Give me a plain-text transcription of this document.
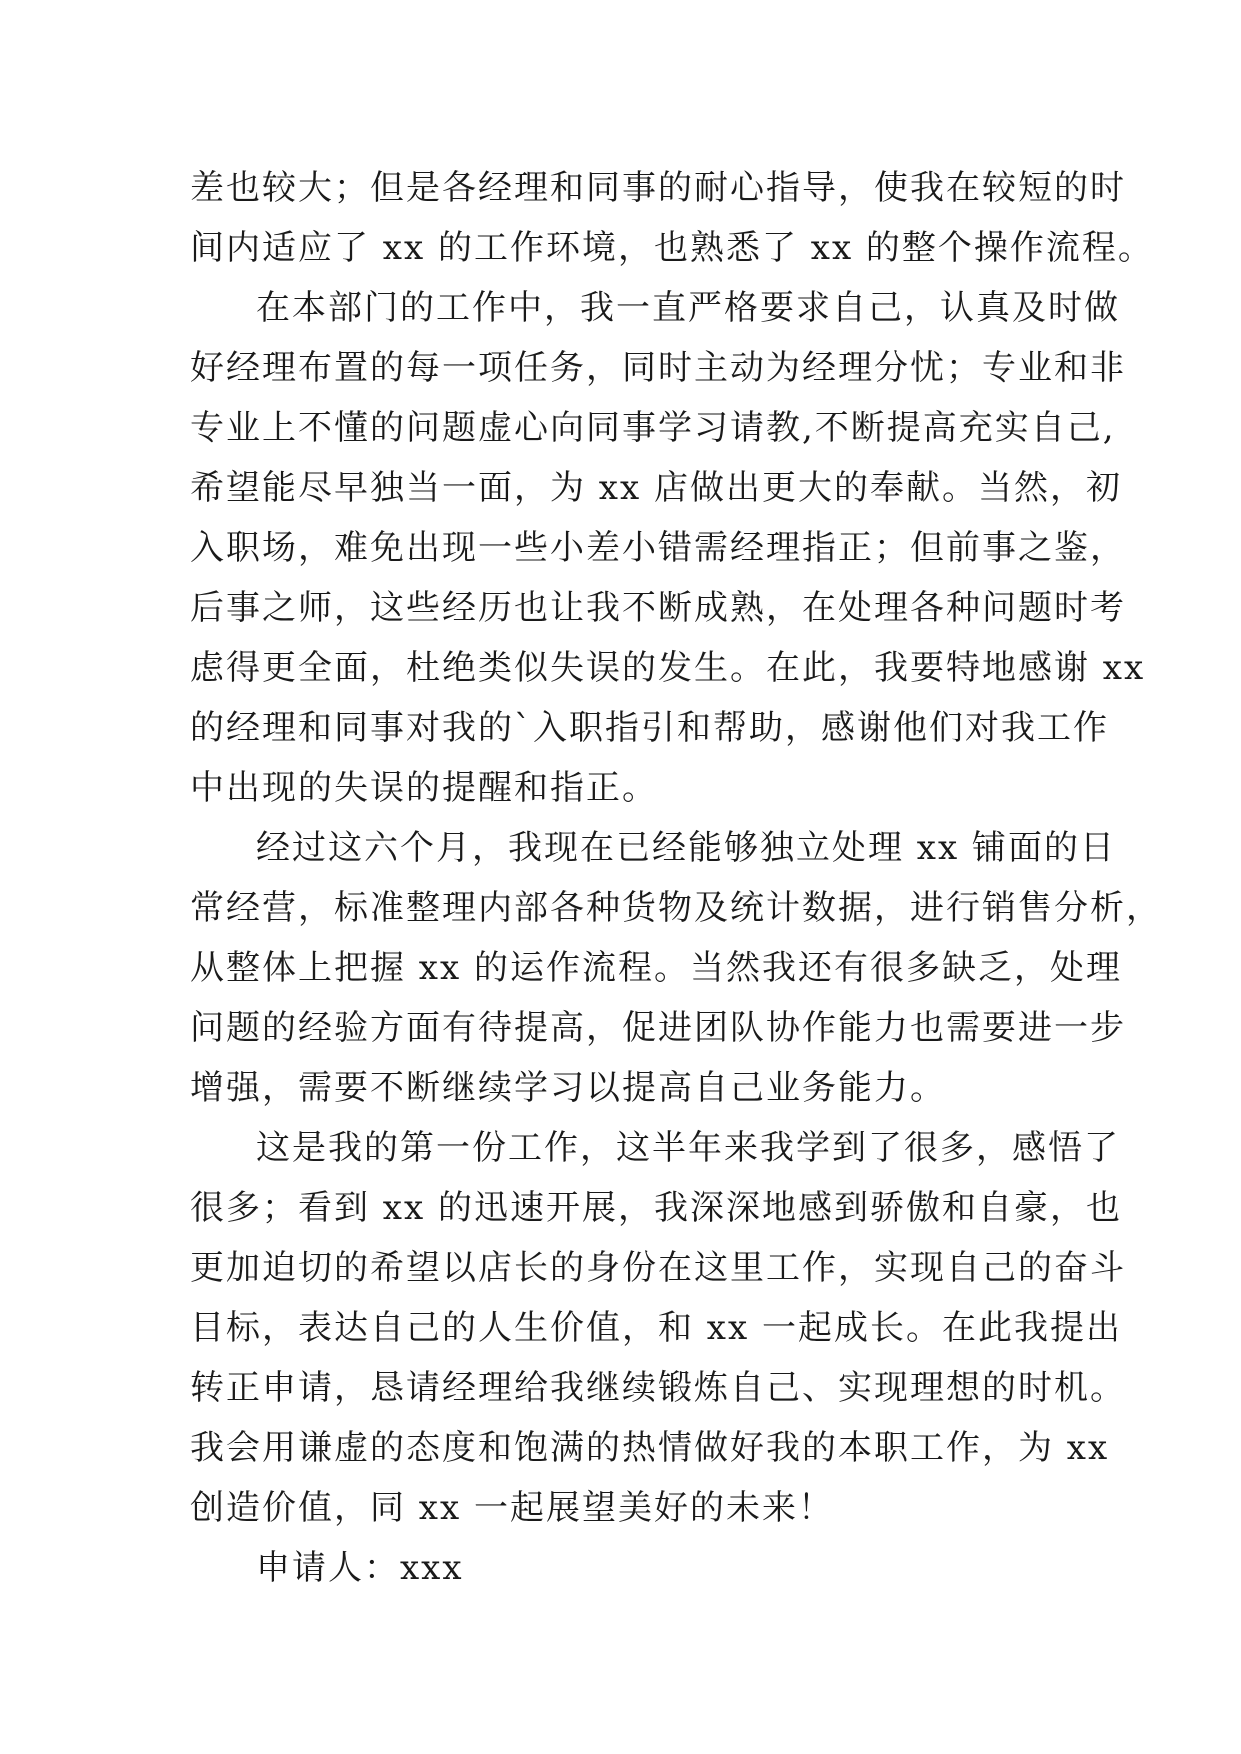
差也较大；但是各经理和同事的耐心指导，使我在较短的时
间内适应了 xx 的工作环境，也熟悉了 xx 的整个操作流程。
在本部门的工作中，我一直严格要求自己，认真及时做
好经理布置的每一项任务，同时主动为经理分忧；专业和非
专业上不懂的问题虚心向同事学习请教,不断提高充实自己,
希望能尽早独当一面，为 xx 店做出更大的奉献。当然，初
入职场，难免出现一些小差小错需经理指正；但前事之鉴，
后事之师，这些经历也让我不断成熟，在处理各种问题时考
虑得更全面，杜绝类似失误的发生。在此，我要特地感谢 xx
的经理和同事对我的`入职指引和帮助，感谢他们对我工作
中出现的失误的提醒和指正。
经过这六个月，我现在已经能够独立处理 xx 铺面的日
常经营，标准整理内部各种货物及统计数据，进行销售分析，
从整体上把握 xx 的运作流程。当然我还有很多缺乏，处理
问题的经验方面有待提高，促进团队协作能力也需要进一步
增强，需要不断继续学习以提高自己业务能力。
这是我的第一份工作，这半年来我学到了很多，感悟了
很多；看到 xx 的迅速开展，我深深地感到骄傲和自豪，也
更加迫切的希望以店长的身份在这里工作，实现自己的奋斗
目标，表达自己的人生价值，和 xx 一起成长。在此我提出
转正申请，恳请经理给我继续锻炼自己、实现理想的时机。
我会用谦虚的态度和饱满的热情做好我的本职工作，为 xx
创造价值，同 xx 一起展望美好的未来！
申请人：xxx
